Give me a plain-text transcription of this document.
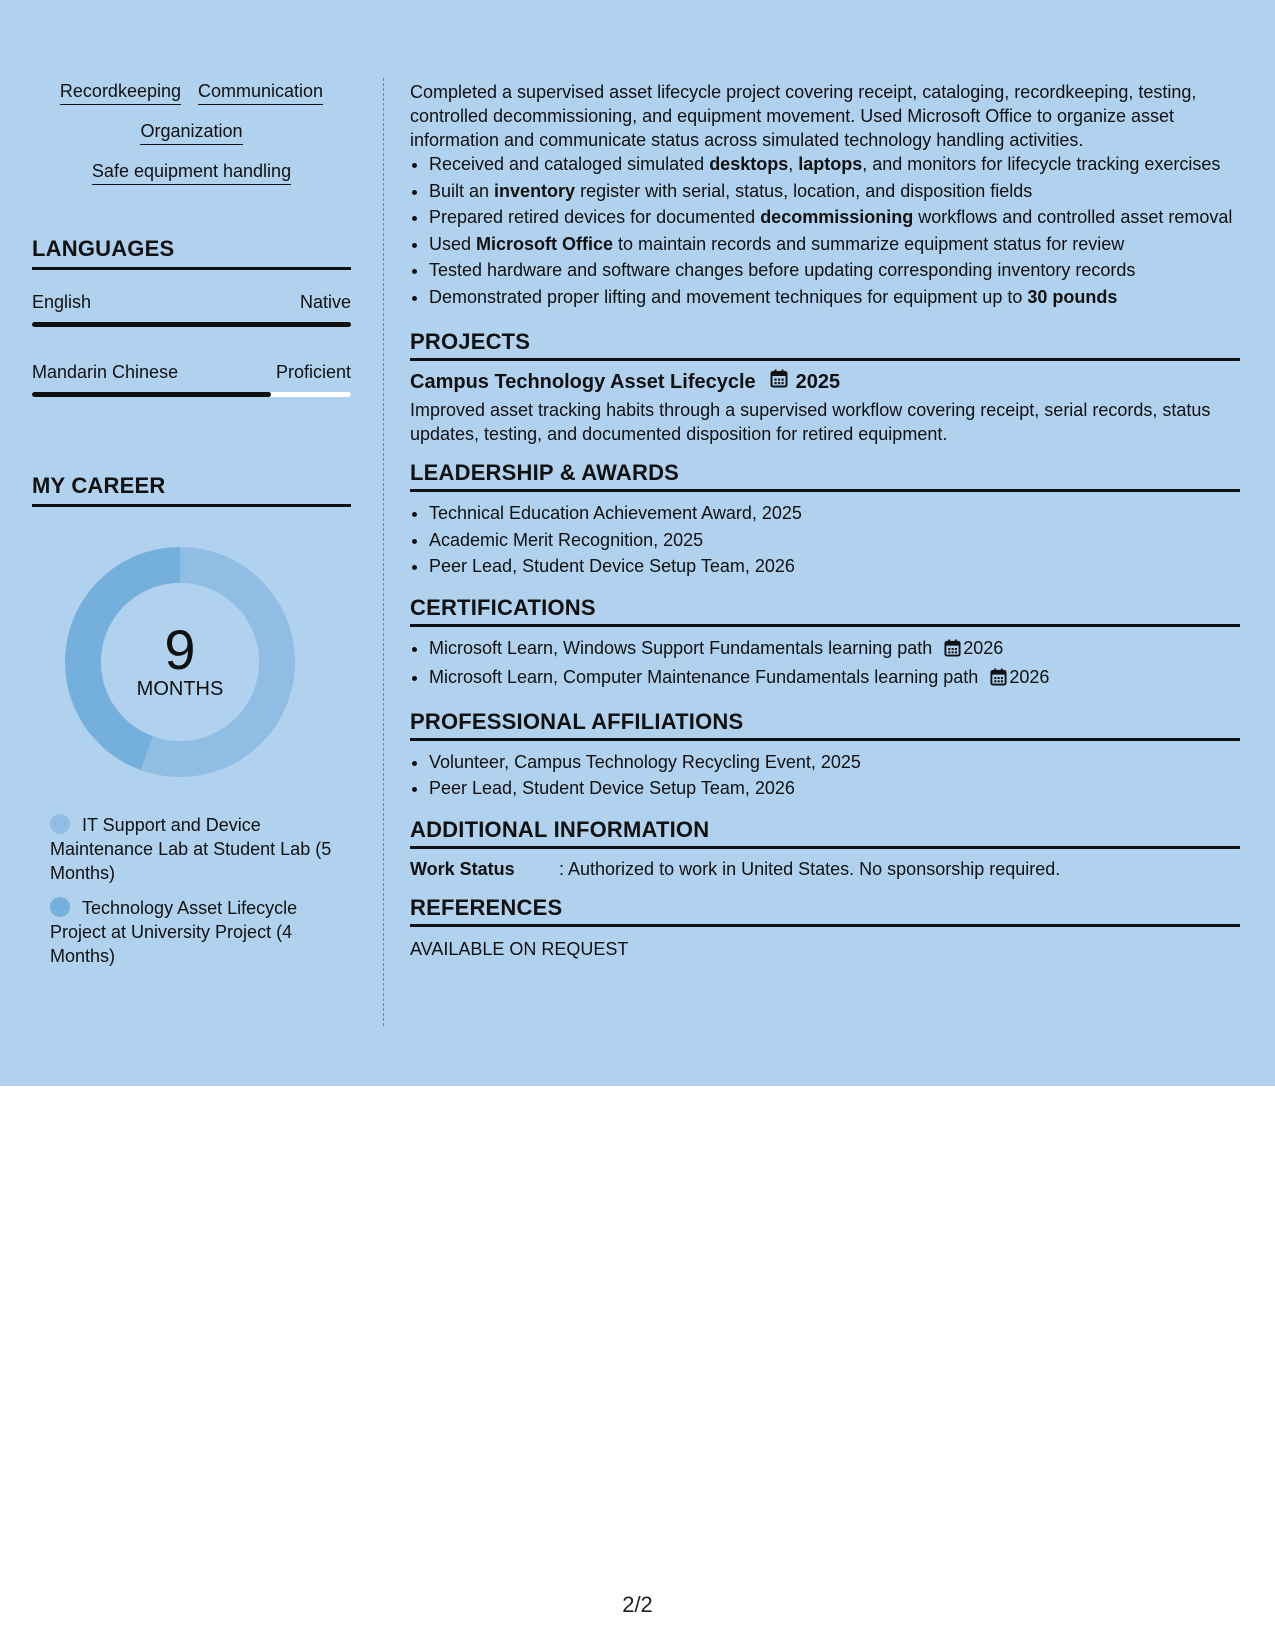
Recordkeeping Communication
Organization
Safe equipment handling
LANGUAGES
English	Native
Mandarin Chinese	Proficient
MY CAREER
9
MONTHS
IT Support and Device Maintenance Lab at Student Lab (5 Months)
Technology Asset Lifecycle Project at University Project (4 Months)

Completed a supervised asset lifecycle project covering receipt, cataloging, recordkeeping, testing, controlled decommissioning, and equipment movement. Used Microsoft Office to organize asset information and communicate status across simulated technology handling activities.

• Received and cataloged simulated desktops, laptops, and monitors for lifecycle tracking exercises
• Built an inventory register with serial, status, location, and disposition fields
• Prepared retired devices for documented decommissioning workflows and controlled asset removal
• Used Microsoft Office to maintain records and summarize equipment status for review
• Tested hardware and software changes before updating corresponding inventory records
• Demonstrated proper lifting and movement techniques for equipment up to 30 pounds
PROJECTS
Campus Technology Asset Lifecycle 2025

Improved asset tracking habits through a supervised workflow covering receipt, serial records, status updates, testing, and documented disposition for retired equipment.

LEADERSHIP & AWARDS
• Technical Education Achievement Award, 2025
• Academic Merit Recognition, 2025
• Peer Lead, Student Device Setup Team, 2026
CERTIFICATIONS
• Microsoft Learn, Windows Support Fundamentals learning path 2026
• Microsoft Learn, Computer Maintenance Fundamentals learning path 2026
PROFESSIONAL AFFILIATIONS
• Volunteer, Campus Technology Recycling Event, 2025
• Peer Lead, Student Device Setup Team, 2026
ADDITIONAL INFORMATION
Work Status	: Authorized to work in United States. No sponsorship required.
REFERENCES
AVAILABLE ON REQUEST
2/2
